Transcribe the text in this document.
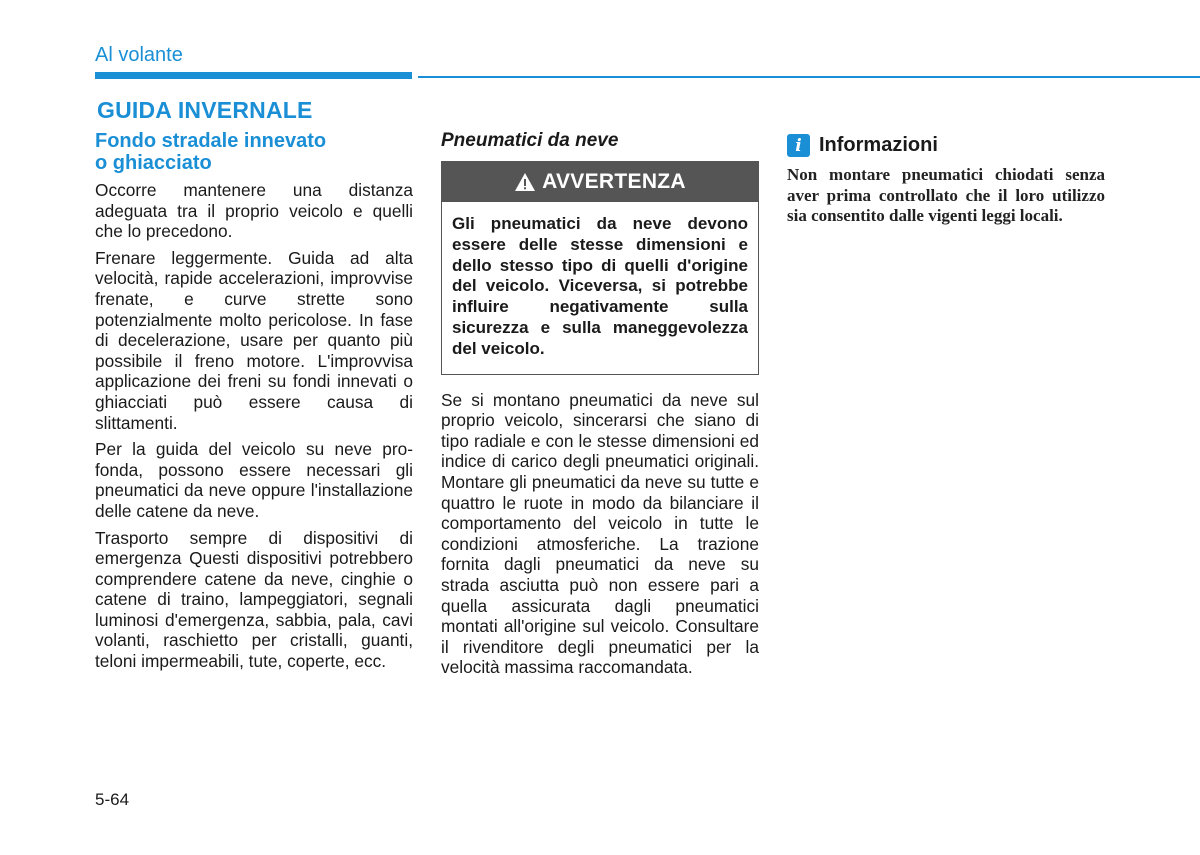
Al volante
GUIDA INVERNALE
Fondo stradale innevato
o ghiacciato

Occorre mantenere una distanza adeguata tra il proprio veicolo e quelli che lo precedono.

Frenare leggermente. Guida ad alta velocità, rapide accelerazioni, improvvise frenate, e curve strette sono potenzialmente molto pericolose. In fase di decelerazione, usare per quanto più possibile il freno motore. L'improvvisa applicazione dei freni su fondi innevati o ghiacciati può essere causa di slittamenti.

Per la guida del veicolo su neve profonda, possono essere necessari gli pneumatici da neve oppure l'installazione delle catene da neve.

Trasporto sempre di dispositivi di emergenza Questi dispositivi potrebbero comprendere catene da neve, cinghie o catene di traino, lampeggiatori, segnali luminosi d'emergenza, sabbia, pala, cavi volanti, raschietto per cristalli, guanti, teloni impermeabili, tute, coperte, ecc.

Pneumatici da neve
AVVERTENZA
Gli pneumatici da neve devono essere delle stesse dimensioni e dello stesso tipo di quelli d'origine del veicolo. Viceversa, si potrebbe influire negativamente sulla sicurezza e sulla maneggevolezza del veicolo.

Se si montano pneumatici da neve sul proprio veicolo, sincerarsi che siano di tipo radiale e con le stesse dimensioni ed indice di carico degli pneumatici originali. Montare gli pneumatici da neve su tutte e quattro le ruote in modo da bilanciare il comportamento del veicolo in tutte le condizioni atmosferiche. La trazione fornita dagli pneumatici da neve su strada asciutta può non essere pari a quella assicurata dagli pneumatici montati all'origine sul veicolo. Consultare il rivenditore degli pneumatici per la velocità massima raccomandata.

i Informazioni
Non montare pneumatici chiodati senza aver prima controllato che il loro utilizzo sia consentito dalle vigenti leggi locali.
5-64
